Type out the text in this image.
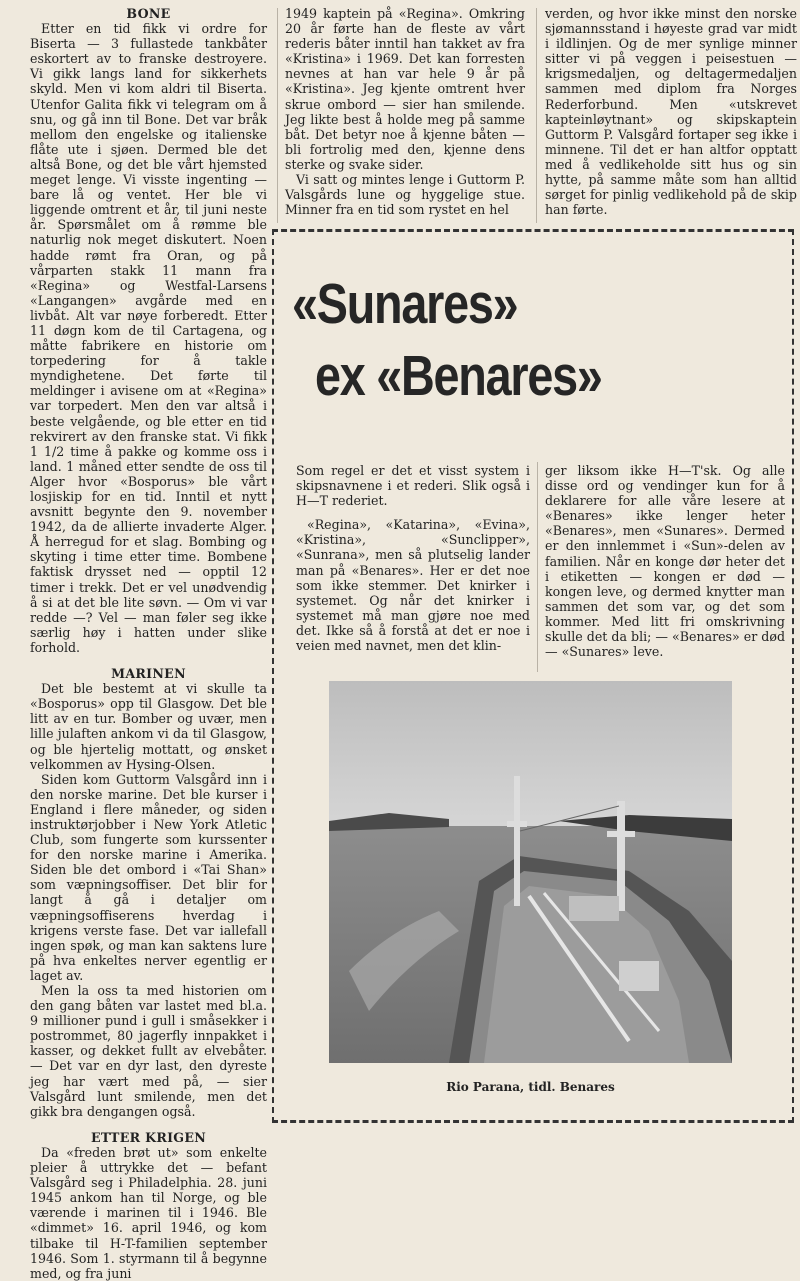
BONE

Etter en tid fikk vi ordre for Biserta — 3 fullastede tankbåter eskortert av to franske destroyere. Vi gikk langs land for sikkerhets skyld. Men vi kom aldri til Biserta. Utenfor Galita fikk vi telegram om å snu, og gå inn til Bone. Det var bråk mellom den engelske og italienske flåte ute i sjøen. Dermed ble det altså Bone, og det ble vårt hjemsted meget lenge. Vi visste ingenting — bare lå og ventet. Her ble vi liggende omtrent et år, til juni neste år. Spørsmålet om å rømme ble naturlig nok meget diskutert. Noen hadde rømt fra Oran, og på vårparten stakk 11 mann fra «Regina» og Westfal-Larsens «Langangen» avgårde med en livbåt. Alt var nøye forberedt. Etter 11 døgn kom de til Cartagena, og måtte fabrikere en historie om torpedering for å takle myndighetene. Det førte til meldinger i avisene om at «Regina» var torpedert. Men den var altså i beste velgående, og ble etter en tid rekvirert av den franske stat. Vi fikk 1 1/2 time å pakke og komme oss i land. 1 måned etter sendte de oss til Alger hvor «Bosporus» ble vårt losjiskip for en tid. Inntil et nytt avsnitt begynte den 9. november 1942, da de allierte invaderte Alger. Å herregud for et slag. Bombing og skyting i time etter time. Bombene faktisk drysset ned — opptil 12 timer i trekk. Det er vel unødvendig å si at det ble lite søvn. — Om vi var redde —? Vel — man føler seg ikke særlig høy i hatten under slike forhold.

MARINEN

Det ble bestemt at vi skulle ta «Bosporus» opp til Glasgow. Det ble litt av en tur. Bomber og uvær, men lille julaften ankom vi da til Glasgow, og ble hjertelig mottatt, og ønsket velkommen av Hysing-Olsen.

Siden kom Guttorm Valsgård inn i den norske marine. Det ble kurser i England i flere måneder, og siden instruktørjobber i New York Atletic Club, som fungerte som kurssenter for den norske marine i Amerika. Siden ble det ombord i «Tai Shan» som væpningsoffiser. Det blir for langt å gå i detaljer om væpningsoffiserens hverdag i krigens verste fase. Det var iallefall ingen spøk, og man kan saktens lure på hva enkeltes nerver egentlig er laget av.

Men la oss ta med historien om den gang båten var lastet med bl.a. 9 millioner pund i gull i småsekker i postrommet, 80 jagerfly innpakket i kasser, og dekket fullt av elvebåter. — Det var en dyr last, den dyreste jeg har vært med på, — sier Valsgård lunt smilende, men det gikk bra dengangen også.

ETTER KRIGEN

Da «freden brøt ut» som enkelte pleier å uttrykke det — befant Valsgård seg i Philadelphia. 28. juni 1945 ankom han til Norge, og ble værende i marinen til i 1946. Ble «dimmet» 16. april 1946, og kom tilbake til H-T-familien september 1946. Som 1. styrmann til å begynne med, og fra juni

1949 kaptein på «Regina». Omkring 20 år førte han de fleste av vårt rederis båter inntil han takket av fra «Kristina» i 1969. Det kan forresten nevnes at han var hele 9 år på «Kristina». Jeg kjente omtrent hver skrue ombord — sier han smilende. Jeg likte best å holde meg på samme båt. Det betyr noe å kjenne båten — bli fortrolig med den, kjenne dens sterke og svake sider.

Vi satt og mintes lenge i Guttorm P. Valsgårds lune og hyggelige stue. Minner fra en tid som rystet en hel

verden, og hvor ikke minst den norske sjømannsstand i høyeste grad var midt i ildlinjen. Og de mer synlige minner sitter vi på veggen i peisestuen — krigsmedaljen, og deltagermedaljen sammen med diplom fra Norges Rederforbund. Men «utskrevet kapteinløytnant» og skipskaptein Guttorm P. Valsgård fortaper seg ikke i minnene. Til det er han altfor opptatt med å vedlikeholde sitt hus og sin hytte, på samme måte som han alltid sørget for pinlig vedlikehold på de skip han førte.

«Sunares»
ex «Benares»

Som regel er det et visst system i skipsnavnene i et rederi. Slik også i H—T rederiet.

«Regina», «Katarina», «Evina», «Kristina», «Sunclipper», «Sunrana», men så plutselig lander man på «Benares». Her er det noe som ikke stemmer. Det knirker i systemet. Og når det knirker i systemet må man gjøre noe med det. Ikke så å forstå at det er noe i veien med navnet, men det klin-

ger liksom ikke H—T'sk. Og alle disse ord og vendinger kun for å deklarere for alle våre lesere at «Benares» ikke lenger heter «Benares», men «Sunares». Dermed er den innlemmet i «Sun»-delen av familien. Når en konge dør heter det i etiketten — kongen er død — kongen leve, og dermed knytter man sammen det som var, og det som kommer. Med litt fri omskrivning skulle det da bli; — «Benares» er død — «Sunares» leve.

Rio Parana, tidl. Benares
